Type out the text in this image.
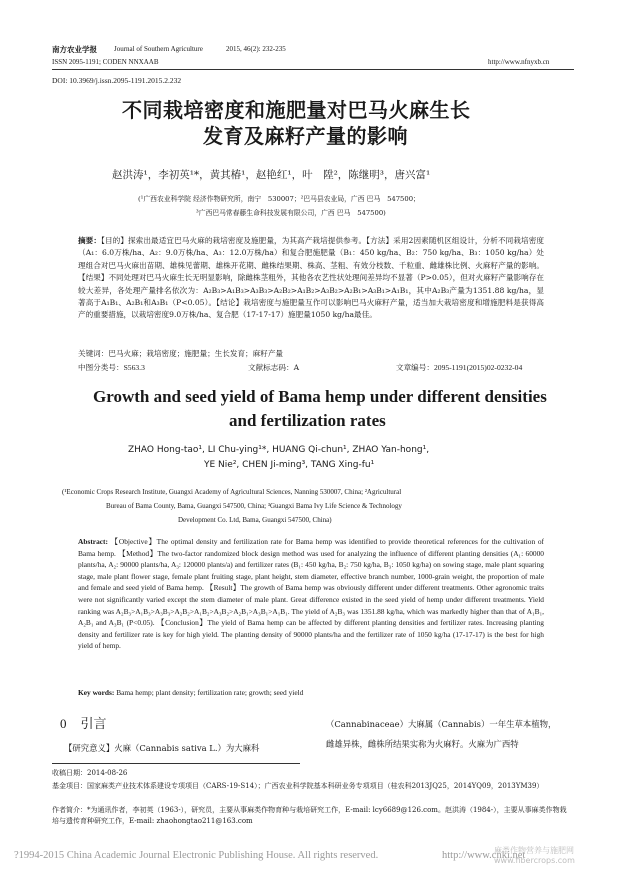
南方农业学报 Journal of Southern Agriculture	2015, 46(2): 232-235
ISSN 2095-1191; CODEN NNXAAB	http://www.nfnyxb.cn
DOI: 10.3969/j.issn.2095-1191.2015.2.232
不同栽培密度和施肥量对巴马火麻生长
发育及麻籽产量的影响
赵洪涛¹，李初英¹*，黄其椿¹，赵艳红¹，叶　陞²，陈继明³，唐兴富¹
(¹广西农业科学院 经济作物研究所，南宁　530007；²巴马县农业局，广西 巴马　547500；
³广西巴马常春藤生命科技发展有限公司，广西 巴马　547500)

摘要：【目的】探索出最适宜巴马火麻的栽培密度及施肥量，为其高产栽培提供参考。【方法】采用2因素随机区组设计，分析不同栽培密度（A₁：6.0万株/ha、A₂：9.0万株/ha、A₃：12.0万株/ha）和复合肥施肥量（B₁：450 kg/ha、B₂：750 kg/ha、B₃：1050 kg/ha）处理组合对巴马火麻出苗期、雄株见蕾期、雄株开花期、雌株结果期、株高、茎粗、有效分枝数、千粒重、雌雄株比例、火麻籽产量的影响。【结果】不同处理对巴马火麻生长无明显影响，除雌株茎粗外，其他各农艺性状处理间差异均不显著（P>0.05），但对火麻籽产量影响存在较大差异，各处理产量排名依次为：A₂B₃>A₁B₃>A₃B₃>A₂B₂>A₁B₂>A₃B₂>A₂B₁>A₃B₁>A₁B₁，其中A₂B₃产量为1351.88 kg/ha，显著高于A₁B₁、A₂B₁和A₃B₁（P<0.05）。【结论】栽培密度与施肥量互作可以影响巴马火麻籽产量，适当加大栽培密度和增施肥料是获得高产的重要措施，以栽培密度9.0万株/ha、复合肥（17-17-17）施肥量1050 kg/ha最佳。

关键词：巴马火麻；栽培密度；施肥量；生长发育；麻籽产量
中图分类号：S563.3	文献标志码：A	文章编号：2095-1191(2015)02-0232-04
Growth and seed yield of Bama hemp under different densities
and fertilization rates
ZHAO Hong-tao¹, LI Chu-ying¹*, HUANG Qi-chun¹, ZHAO Yan-hong¹,
YE Nie², CHEN Ji-ming³, TANG Xing-fu¹
(¹Economic Crops Research Institute, Guangxi Academy of Agricultural Sciences, Nanning 530007, China; ²Agricultural
Bureau of Bama County, Bama, Guangxi 547500, China; ³Guangxi Bama Ivy Life Science & Technology
Development Co. Ltd, Bama, Guangxi 547500, China)

Abstract: 【Objective】The optimal density and fertilization rate for Bama hemp was identified to provide theoretical references for the cultivation of Bama hemp. 【Method】The two-factor randomized block design method was used for analyzing the influence of different planting densities (A₁: 60000 plants/ha, A₂: 90000 plants/ha, A₃: 120000 plants/a) and fertilizer rates (B₁: 450 kg/ha, B₂: 750 kg/ha, B₃: 1050 kg/ha) on sowing stage, male plant squaring stage, male plant flower stage, female plant fruiting stage, plant height, stem diameter, effective branch number, 1000-grain weight, the proportion of male and female and seed yield of Bama hemp. 【Result】The growth of Bama hemp was obviously different under different treatments. Other agronomic traits were not significantly varied except the stem diameter of male plant. Great difference existed in the seed yield of hemp under different treatments. Yield ranking was A₂B₃>A₁B₃>A₃B₃>A₂B₂>A₁B₂>A₃B₂>A₂B₁>A₃B₁>A₁B₁. The yield of A₂B₃ was 1351.88 kg/ha, which was markedly higher than that of A₁B₁, A₂B₁ and A₃B₁ (P<0.05). 【Conclusion】The yield of Bama hemp can be affected by different planting densities and fertilizer rates. Increasing planting density and fertilizer rate is key for high yield. The planting density of 90000 plants/ha and the fertilizer rate of 1050 kg/ha (17-17-17) is the best for high yield of hemp.

Key words: Bama hemp; plant density; fertilization rate; growth; seed yield
0 引言
【研究意义】火麻（Cannabis sativa L.）为大麻科
（Cannabinaceae）大麻属（Cannabis）一年生草本植物，
雌雄异株，雌株所结果实称为火麻籽。火麻为广西特
收稿日期：2014-08-26
基金项目：国家麻类产业技术体系建设专项项目（CARS-19-S14）；广西农业科学院基本科研业务专项项目（桂农科2013JQ25，2014YQ09，2013YM39）
作者简介：*为通讯作者，李初英（1963-），研究员，主要从事麻类作物育种与栽培研究工作，E-mail: lcy6689@126.com。赵洪涛（1984-），主要从事麻类作物栽培与遗传育种研究工作，E-mail: zhaohongtao211@163.com
?1994-2015 China Academic Journal Electronic Publishing House. All rights reserved.	http://www.cnki.net
麻类作物营养与施肥网 www.fibercrops.com
